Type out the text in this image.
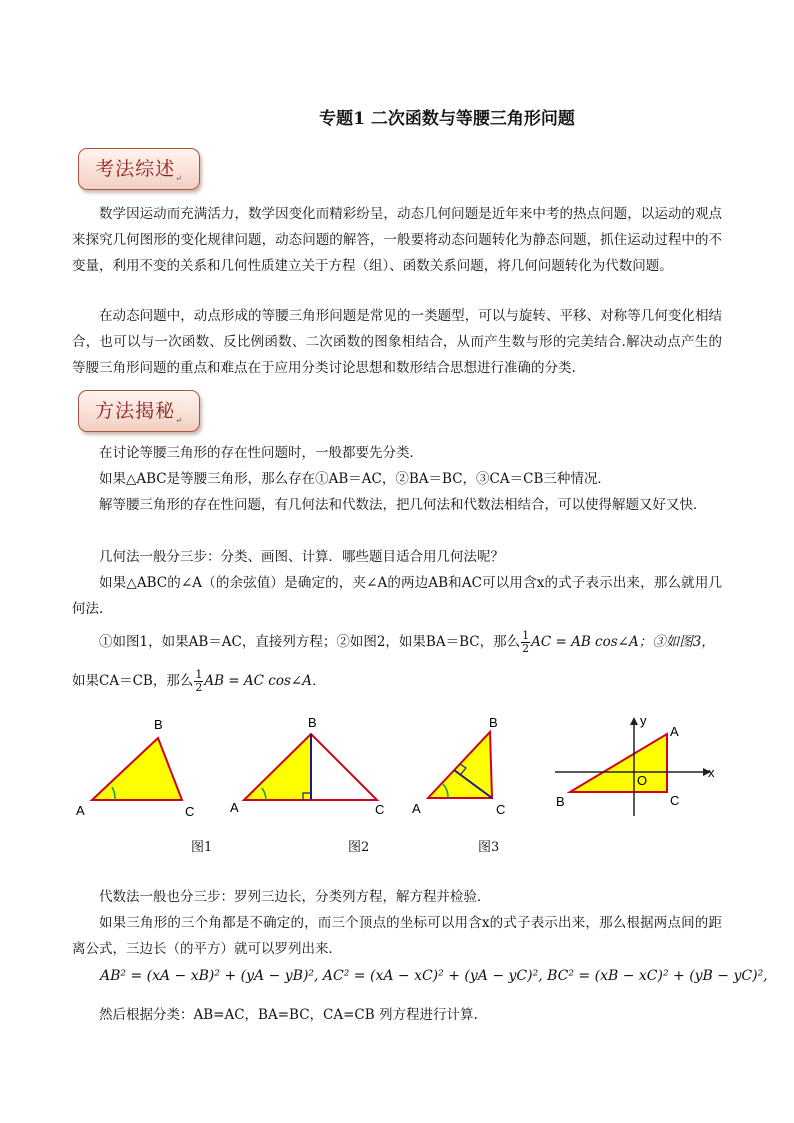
专题1 二次函数与等腰三角形问题
考法综述$_↵$
数学因运动而充满活力，数学因变化而精彩纷呈，动态几何问题是近年来中考的热点问题，以运动的观点来探究几何图形的变化规律问题，动态问题的解答，一般要将动态问题转化为静态问题，抓住运动过程中的不变量，利用不变的关系和几何性质建立关于方程（组）、函数关系问题，将几何问题转化为代数问题。
在动态问题中，动点形成的等腰三角形问题是常见的一类题型，可以与旋转、平移、对称等几何变化相结合，也可以与一次函数、反比例函数、二次函数的图象相结合，从而产生数与形的完美结合.解决动点产生的等腰三角形问题的重点和难点在于应用分类讨论思想和数形结合思想进行准确的分类.
方法揭秘$_↵$
在讨论等腰三角形的存在性问题时，一般都要先分类．
如果△ABC是等腰三角形，那么存在①AB＝AC，②BA＝BC，③CA＝CB三种情况．
解等腰三角形的存在性问题，有几何法和代数法，把几何法和代数法相结合，可以使得解题又好又快．
几何法一般分三步：分类、画图、计算．哪些题目适合用几何法呢？
如果△ABC的∠A（的余弦值）是确定的，夹∠A的两边AB和AC可以用含x的式子表示出来，那么就用几何法．
①如图1，如果AB＝AC，直接列方程；②如图2，如果BA＝BC，那么 $\frac{1}{2}$ AC = AB cos∠A；③如图3，
如果CA＝CB，那么 $\frac{1}{2}$ AB = AC cos∠A．
B
A	C
B
A	C
B
A	C
y
x
O
A
B	C
图1	图2	图3
代数法一般也分三步：罗列三边长，分类列方程，解方程并检验．
如果三角形的三个角都是不确定的，而三个顶点的坐标可以用含x的式子表示出来，那么根据两点间的距离公式，三边长（的平方）就可以罗列出来．
AB² = (xA − xB)² + (yA − yB)², AC² = (xA − xC)² + (yA − yC)², BC² = (xB − xC)² + (yB − yC)²,
然后根据分类：AB=AC，BA=BC，CA=CB 列方程进行计算.
